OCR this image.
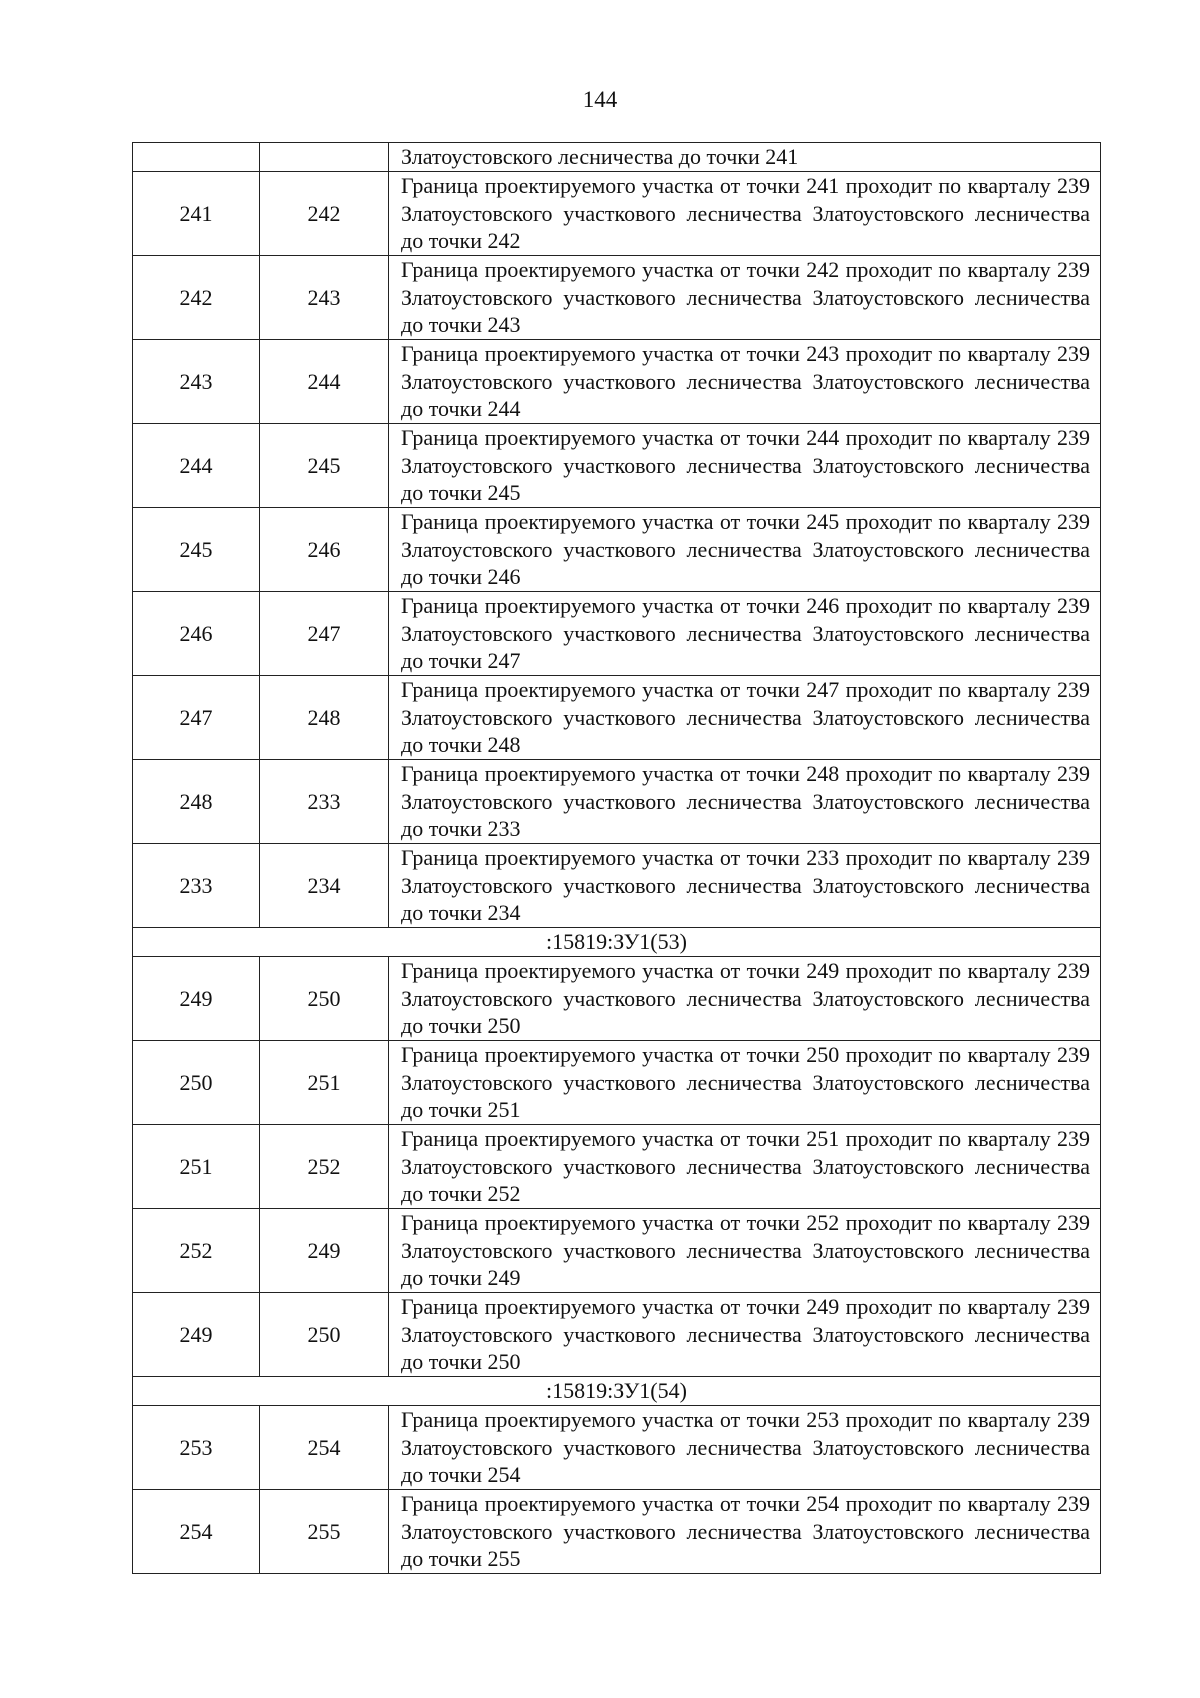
144
		Златоустовского лесничества до точки 241
241	242	Граница проектируемого участка от точки 241 проходит по кварталу 239 Златоустовского участкового лесничества Златоустовского лесничества до точки 242
242	243	Граница проектируемого участка от точки 242 проходит по кварталу 239 Златоустовского участкового лесничества Златоустовского лесничества до точки 243
243	244	Граница проектируемого участка от точки 243 проходит по кварталу 239 Златоустовского участкового лесничества Златоустовского лесничества до точки 244
244	245	Граница проектируемого участка от точки 244 проходит по кварталу 239 Златоустовского участкового лесничества Златоустовского лесничества до точки 245
245	246	Граница проектируемого участка от точки 245 проходит по кварталу 239 Златоустовского участкового лесничества Златоустовского лесничества до точки 246
246	247	Граница проектируемого участка от точки 246 проходит по кварталу 239 Златоустовского участкового лесничества Златоустовского лесничества до точки 247
247	248	Граница проектируемого участка от точки 247 проходит по кварталу 239 Златоустовского участкового лесничества Златоустовского лесничества до точки 248
248	233	Граница проектируемого участка от точки 248 проходит по кварталу 239 Златоустовского участкового лесничества Златоустовского лесничества до точки 233
233	234	Граница проектируемого участка от точки 233 проходит по кварталу 239 Златоустовского участкового лесничества Златоустовского лесничества до точки 234
:15819:ЗУ1(53)		
249	250	Граница проектируемого участка от точки 249 проходит по кварталу 239 Златоустовского участкового лесничества Златоустовского лесничества до точки 250
250	251	Граница проектируемого участка от точки 250 проходит по кварталу 239 Златоустовского участкового лесничества Златоустовского лесничества до точки 251
251	252	Граница проектируемого участка от точки 251 проходит по кварталу 239 Златоустовского участкового лесничества Златоустовского лесничества до точки 252
252	249	Граница проектируемого участка от точки 252 проходит по кварталу 239 Златоустовского участкового лесничества Златоустовского лесничества до точки 249
249	250	Граница проектируемого участка от точки 249 проходит по кварталу 239 Златоустовского участкового лесничества Златоустовского лесничества до точки 250
:15819:ЗУ1(54)		
253	254	Граница проектируемого участка от точки 253 проходит по кварталу 239 Златоустовского участкового лесничества Златоустовского лесничества до точки 254
254	255	Граница проектируемого участка от точки 254 проходит по кварталу 239 Златоустовского участкового лесничества Златоустовского лесничества до точки 255
